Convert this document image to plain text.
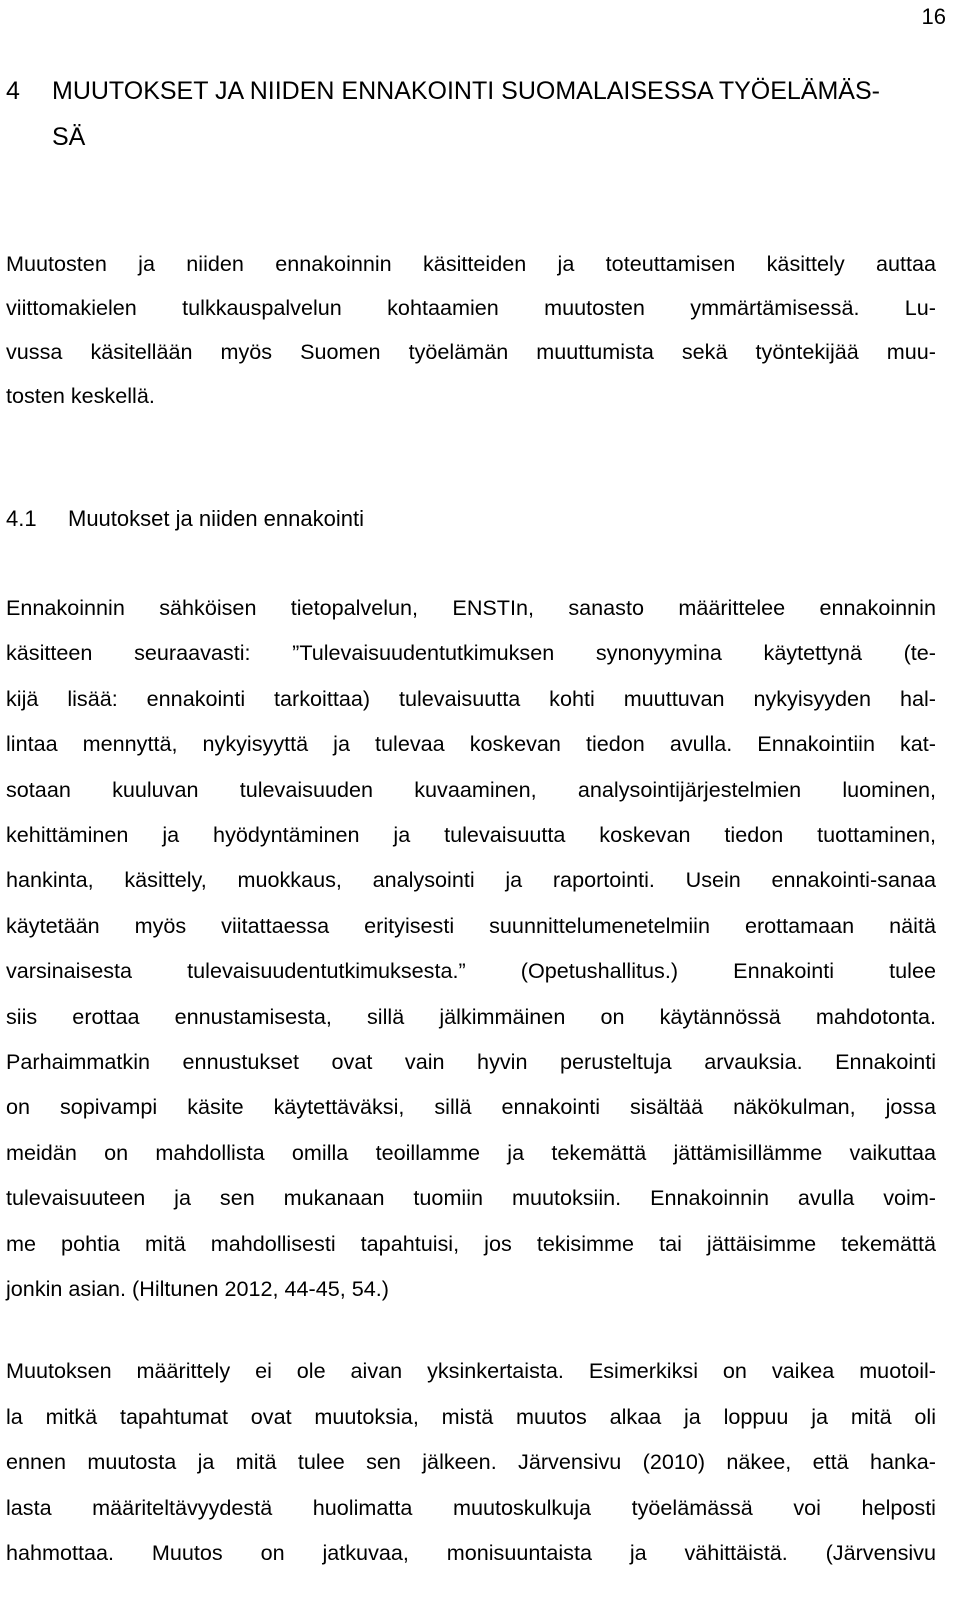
16
4	MUUTOKSET JA NIIDEN ENNAKOINTI SUOMALAISESSA TYÖELÄMÄS-
SÄ

Muutosten ja niiden ennakoinnin käsitteiden ja toteuttamisen käsittely auttaa
viittomakielen tulkkauspalvelun kohtaamien muutosten ymmärtämisessä. Lu-
vussa käsitellään myös Suomen työelämän muuttumista sekä työntekijää muu-
tosten keskellä.

4.1	Muutokset ja niiden ennakointi

Ennakoinnin sähköisen tietopalvelun, ENSTIn, sanasto määrittelee ennakoinnin
käsitteen seuraavasti: ”Tulevaisuudentutkimuksen synonyymina käytettynä (te-
kijä lisää: ennakointi tarkoittaa) tulevaisuutta kohti muuttuvan nykyisyyden hal-
lintaa mennyttä, nykyisyyttä ja tulevaa koskevan tiedon avulla. Ennakointiin kat-
sotaan kuuluvan tulevaisuuden kuvaaminen, analysointijärjestelmien luominen,
kehittäminen ja hyödyntäminen ja tulevaisuutta koskevan tiedon tuottaminen,
hankinta, käsittely, muokkaus, analysointi ja raportointi. Usein ennakointi-sanaa
käytetään myös viitattaessa erityisesti suunnittelumenetelmiin erottamaan näitä
varsinaisesta tulevaisuudentutkimuksesta.” (Opetushallitus.) Ennakointi tulee
siis erottaa ennustamisesta, sillä jälkimmäinen on käytännössä mahdotonta.
Parhaimmatkin ennustukset ovat vain hyvin perusteltuja arvauksia. Ennakointi
on sopivampi käsite käytettäväksi, sillä ennakointi sisältää näkökulman, jossa
meidän on mahdollista omilla teoillamme ja tekemättä jättämisillämme vaikuttaa
tulevaisuuteen ja sen mukanaan tuomiin muutoksiin. Ennakoinnin avulla voim-
me pohtia mitä mahdollisesti tapahtuisi, jos tekisimme tai jättäisimme tekemättä
jonkin asian. (Hiltunen 2012, 44-45, 54.)

Muutoksen määrittely ei ole aivan yksinkertaista. Esimerkiksi on vaikea muotoil-
la mitkä tapahtumat ovat muutoksia, mistä muutos alkaa ja loppuu ja mitä oli
ennen muutosta ja mitä tulee sen jälkeen. Järvensivu (2010) näkee, että hanka-
lasta määriteltävyydestä huolimatta muutoskulkuja työelämässä voi helposti
hahmottaa. Muutos on jatkuvaa, monisuuntaista ja vähittäistä. (Järvensivu
